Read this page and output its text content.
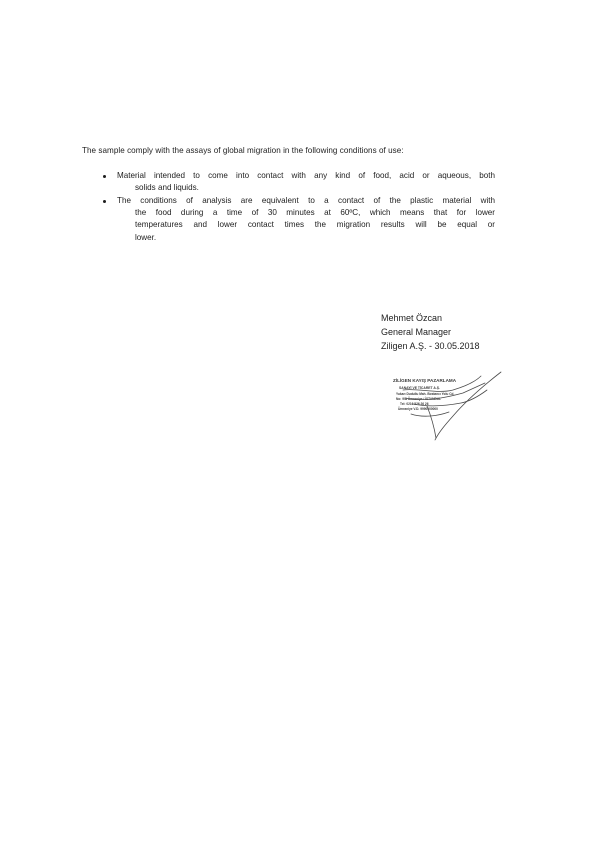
The sample comply with the assays of global migration in the following conditions of use:
Material intended to come into contact with any kind of food, acid or aqueous, both
solids and liquids.
The conditions of analysis are equivalent to a contact of the plastic material with
the food during a time of 30 minutes at 60ºC, which means that for lower
temperatures and lower contact times the migration results will be equal or
lower.
Mehmet Özcan
General Manager
Ziligen A.Ş. - 30.05.2018
ZİLİGEN KAYIŞ PAZARLAMA
SANAYİ VE TİCARET A.Ş.
Yukarı Dudullu Mah. Bostancı Yolu Cd.
No: 9/A Ümraniye / İSTANBUL
Tel: 0216 526 26 26
Ümraniye V.D. 9990000000
